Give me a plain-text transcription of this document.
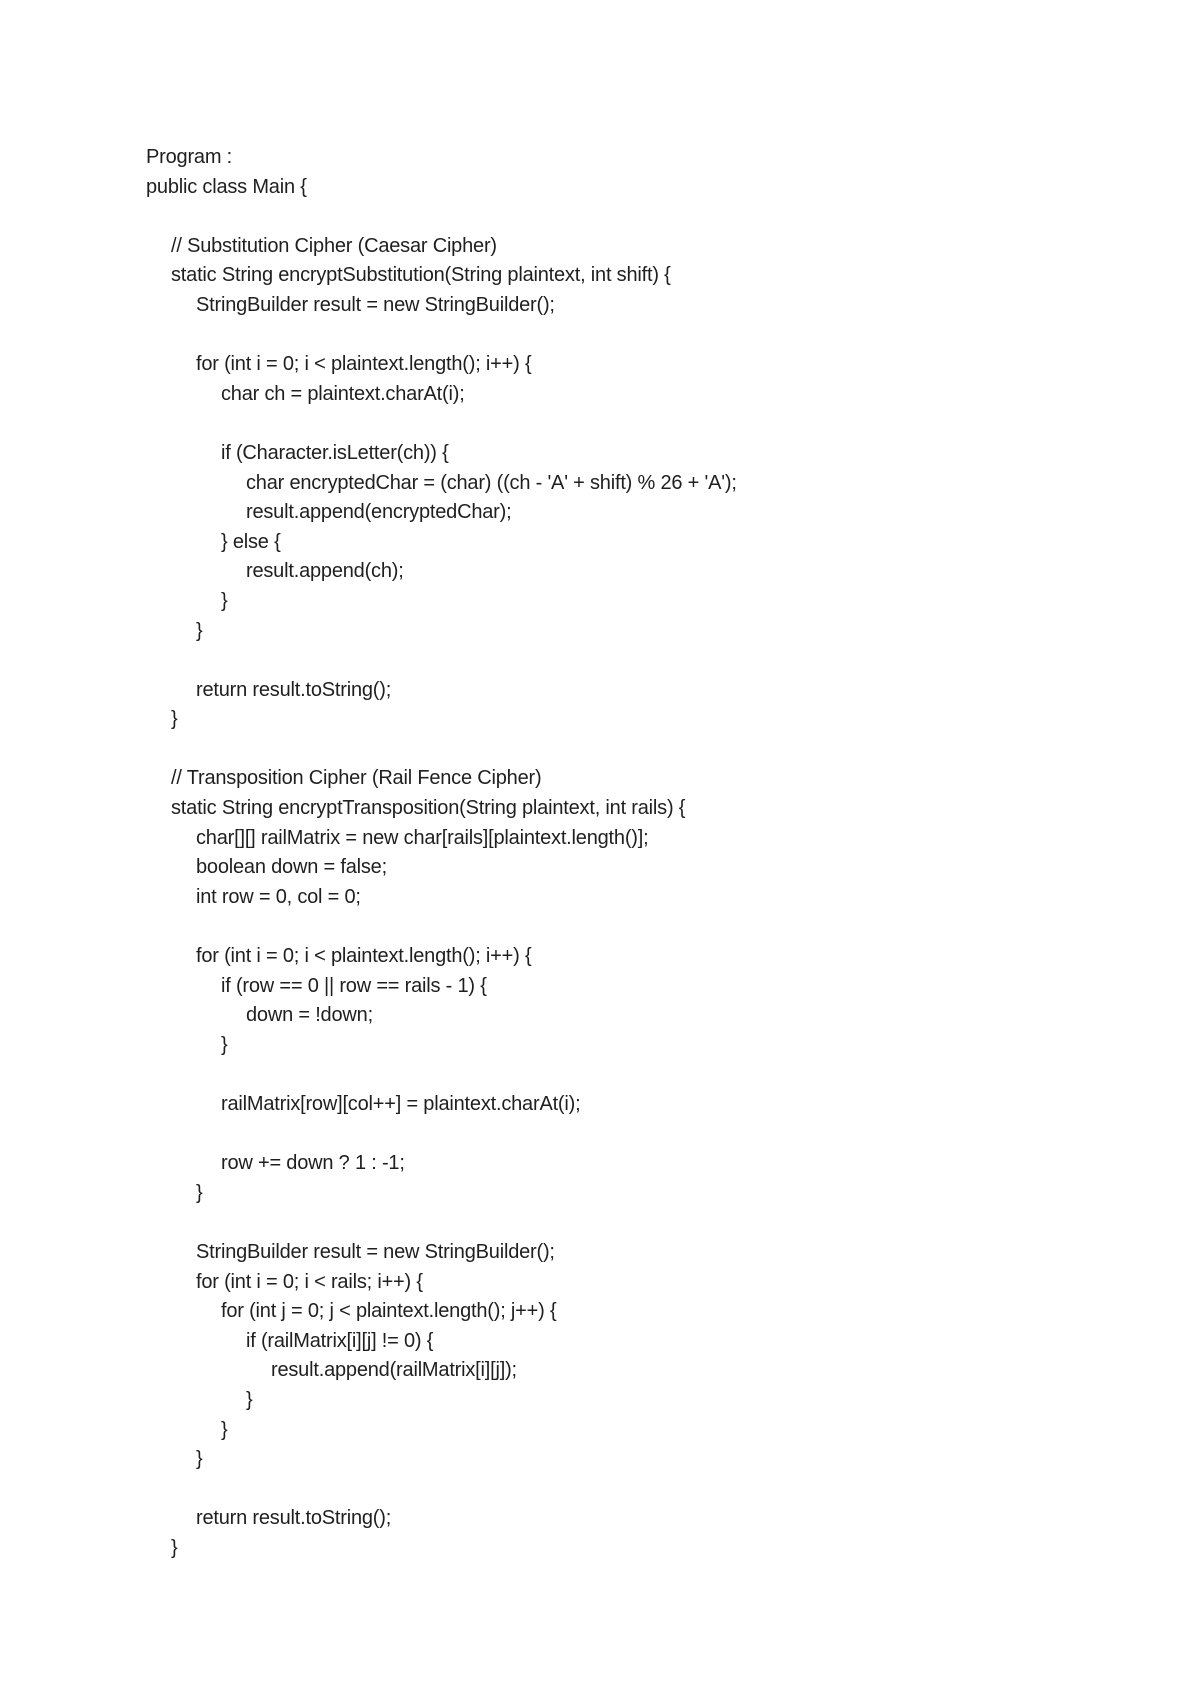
Program :
public class Main {
// Substitution Cipher (Caesar Cipher)
static String encryptSubstitution(String plaintext, int shift) {
StringBuilder result = new StringBuilder();
for (int i = 0; i < plaintext.length(); i++) {
char ch = plaintext.charAt(i);
if (Character.isLetter(ch)) {
char encryptedChar = (char) ((ch - 'A' + shift) % 26 + 'A');
result.append(encryptedChar);
} else {
result.append(ch);
}
}
return result.toString();
}
// Transposition Cipher (Rail Fence Cipher)
static String encryptTransposition(String plaintext, int rails) {
char[][] railMatrix = new char[rails][plaintext.length()];
boolean down = false;
int row = 0, col = 0;
for (int i = 0; i < plaintext.length(); i++) {
if (row == 0 || row == rails - 1) {
down = !down;
}
railMatrix[row][col++] = plaintext.charAt(i);
row += down ? 1 : -1;
}
StringBuilder result = new StringBuilder();
for (int i = 0; i < rails; i++) {
for (int j = 0; j < plaintext.length(); j++) {
if (railMatrix[i][j] != 0) {
result.append(railMatrix[i][j]);
}
}
}
return result.toString();
}
